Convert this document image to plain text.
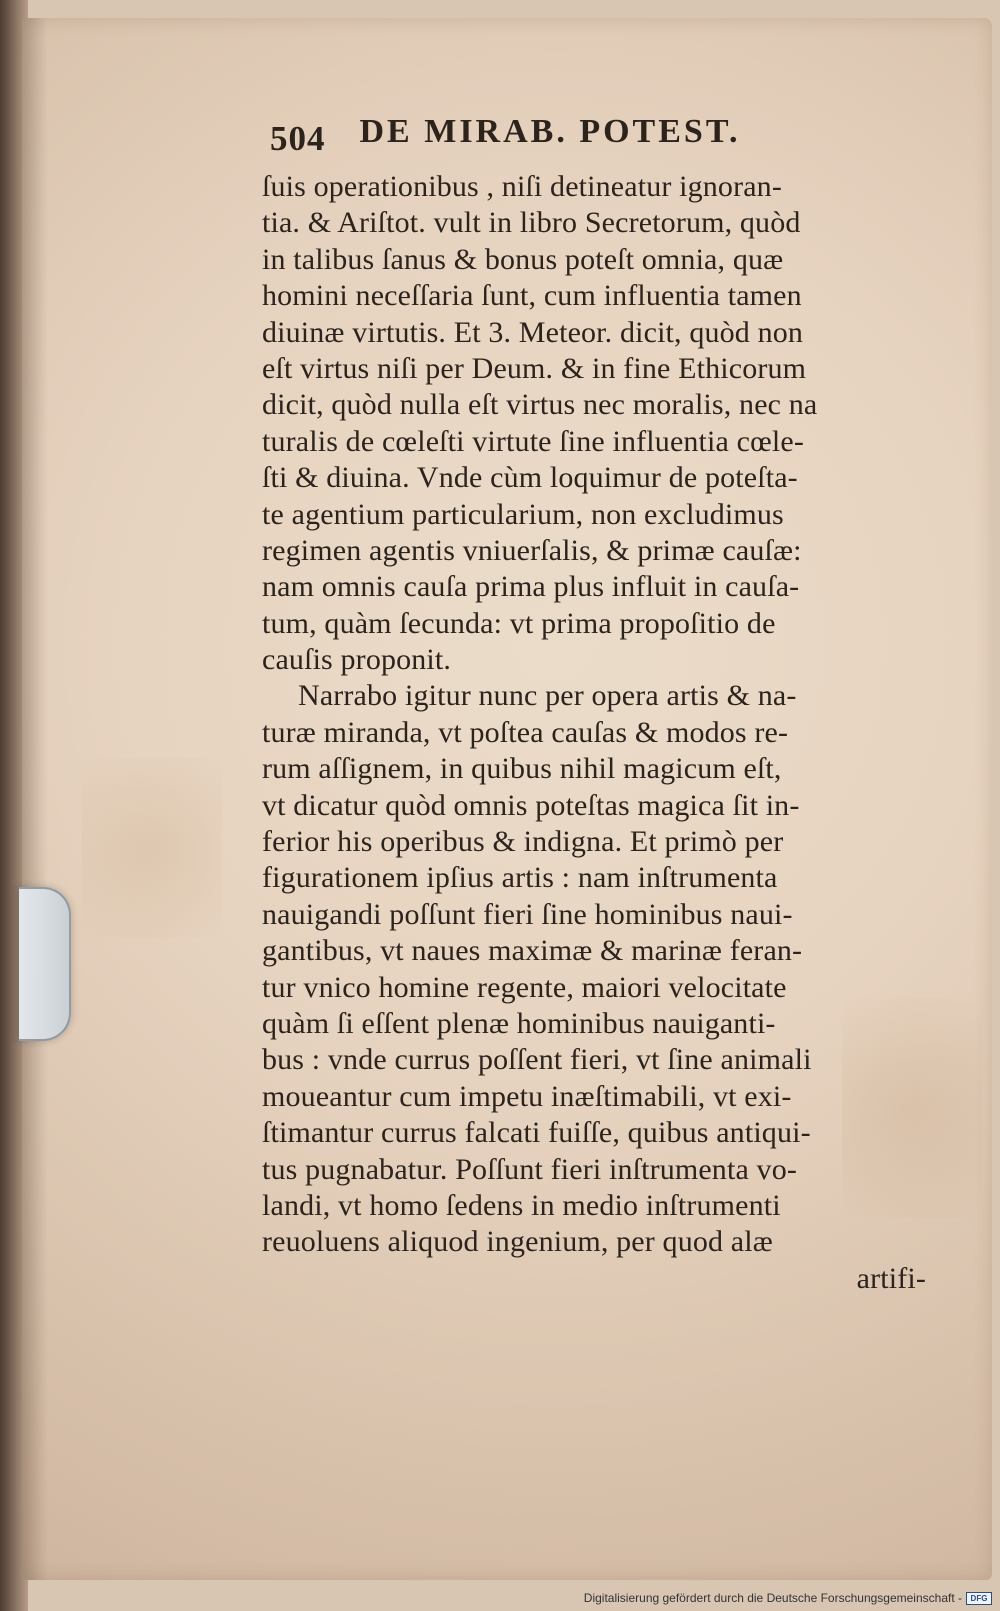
504 DE MIRAB. POTEST.
ſuis operationibus , niſi detineatur ignoran-
tia. & Ariſtot. vult in libro Secretorum, quòd
in talibus ſanus & bonus poteſt omnia, quæ
homini neceſſaria ſunt, cum influentia tamen
diuinæ virtutis. Et 3. Meteor. dicit, quòd non
eſt virtus niſi per Deum. & in fine Ethicorum
dicit, quòd nulla eſt virtus nec moralis, nec na
turalis de cœleſti virtute ſine influentia cœle-
ſti & diuina. Vnde cùm loquimur de poteſta-
te agentium particularium, non excludimus
regimen agentis vniuerſalis, & primæ cauſæ:
nam omnis cauſa prima plus influit in cauſa-
tum, quàm ſecunda: vt prima propoſitio de
cauſis proponit.
Narrabo igitur nunc per opera artis & na-
turæ miranda, vt poſtea cauſas & modos re-
rum aſſignem, in quibus nihil magicum eſt,
vt dicatur quòd omnis poteſtas magica ſit in-
ferior his operibus & indigna. Et primò per
figurationem ipſius artis : nam inſtrumenta
nauigandi poſſunt fieri ſine hominibus naui-
gantibus, vt naues maximæ & marinæ feran-
tur vnico homine regente, maiori velocitate
quàm ſi eſſent plenæ hominibus nauiganti-
bus : vnde currus poſſent fieri, vt ſine animali
moueantur cum impetu inæſtimabili, vt exi-
ſtimantur currus falcati fuiſſe, quibus antiqui-
tus pugnabatur. Poſſunt fieri inſtrumenta vo-
landi, vt homo ſedens in medio inſtrumenti
reuoluens aliquod ingenium, per quod alæ
artifi-
Digitalisierung gefördert durch die Deutsche Forschungsgemeinschaft -	DFG
